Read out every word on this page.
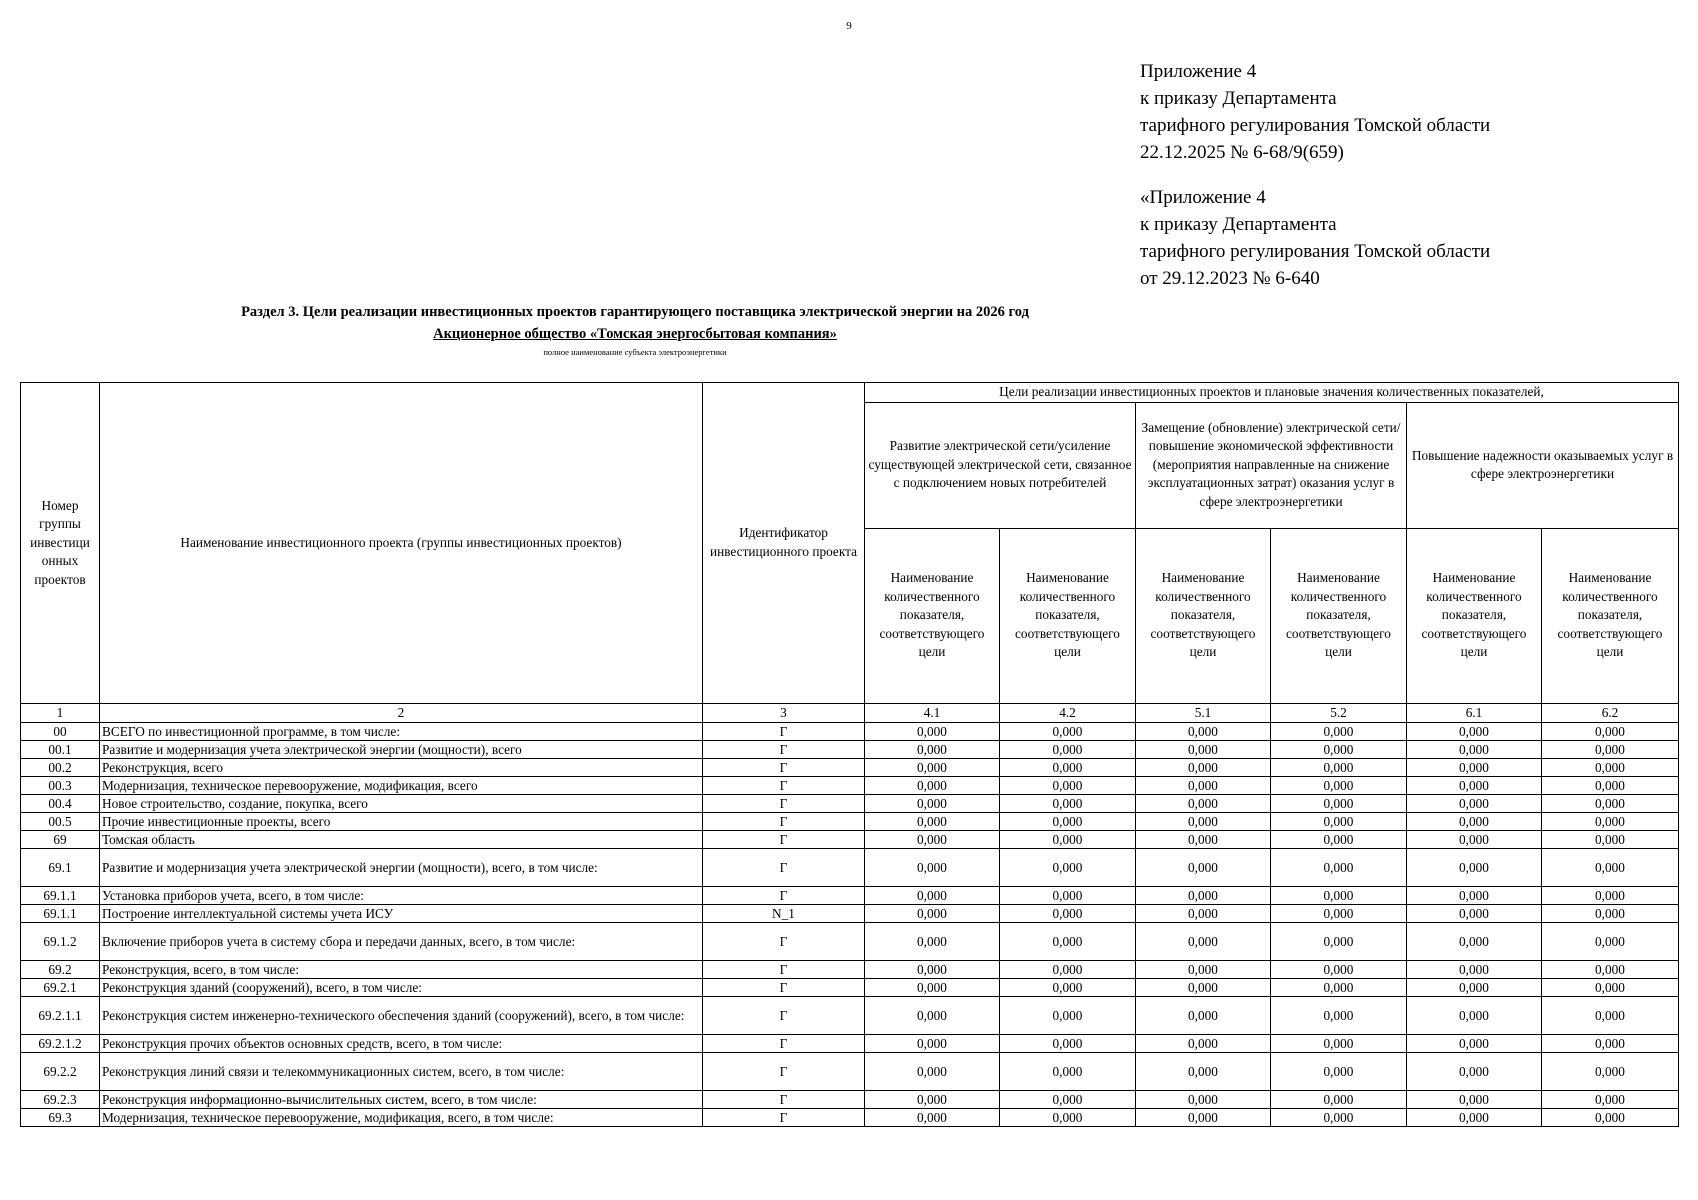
9
Приложение 4
к приказу Департамента
тарифного регулирования Томской области
22.12.2025 № 6-68/9(659)
«Приложение 4
к приказу Департамента
тарифного регулирования Томской области
от 29.12.2023 № 6-640
Раздел 3. Цели реализации инвестиционных проектов гарантирующего поставщика электрической энергии на 2026 год
Акционерное общество «Томская энергосбытовая компания»
полное наименование субъекта электроэнергетики
Номер группы инвестици онных проектов	Наименование инвестиционного проекта (группы инвестиционных проектов)	Идентификатор инвестиционного проекта	Цели реализации инвестиционных проектов и плановые значения количественных показателей,					
			Развитие электрической сети/усиление существующей электрической сети, связанное с подключением новых потребителей		Замещение (обновление) электрической сети/повышение экономической эффективности (мероприятия направленные на снижение эксплуатационных затрат) оказания услуг в сфере электроэнергетики		Повышение надежности оказываемых услуг в сфере электроэнергетики	
			Наименование количественного показателя, соответствующего цели	Наименование количественного показателя, соответствующего цели	Наименование количественного показателя, соответствующего цели	Наименование количественного показателя, соответствующего цели	Наименование количественного показателя, соответствующего цели	Наименование количественного показателя, соответствующего цели
1	2	3	4.1	4.2	5.1	5.2	6.1	6.2
00	ВСЕГО по инвестиционной программе, в том числе:	Г	0,000	0,000	0,000	0,000	0,000	0,000
00.1	Развитие и модернизация учета электрической энергии (мощности), всего	Г	0,000	0,000	0,000	0,000	0,000	0,000
00.2	Реконструкция, всего	Г	0,000	0,000	0,000	0,000	0,000	0,000
00.3	Модернизация, техническое перевооружение, модификация, всего	Г	0,000	0,000	0,000	0,000	0,000	0,000
00.4	Новое строительство, создание, покупка, всего	Г	0,000	0,000	0,000	0,000	0,000	0,000
00.5	Прочие инвестиционные проекты, всего	Г	0,000	0,000	0,000	0,000	0,000	0,000
69	Томская область	Г	0,000	0,000	0,000	0,000	0,000	0,000
69.1	Развитие и модернизация учета электрической энергии (мощности), всего, в том числе:	Г	0,000	0,000	0,000	0,000	0,000	0,000
69.1.1	Установка приборов учета, всего, в том числе:	Г	0,000	0,000	0,000	0,000	0,000	0,000
69.1.1	Построение интеллектуальной системы учета ИСУ	N_1	0,000	0,000	0,000	0,000	0,000	0,000
69.1.2	Включение приборов учета в систему сбора и передачи данных, всего, в том числе:	Г	0,000	0,000	0,000	0,000	0,000	0,000
69.2	Реконструкция, всего, в том числе:	Г	0,000	0,000	0,000	0,000	0,000	0,000
69.2.1	Реконструкция зданий (сооружений), всего, в том числе:	Г	0,000	0,000	0,000	0,000	0,000	0,000
69.2.1.1	Реконструкция систем инженерно-технического обеспечения зданий (сооружений), всего, в том числе:	Г	0,000	0,000	0,000	0,000	0,000	0,000
69.2.1.2	Реконструкция прочих объектов основных средств, всего, в том числе:	Г	0,000	0,000	0,000	0,000	0,000	0,000
69.2.2	Реконструкция линий связи и телекоммуникационных систем, всего, в том числе:	Г	0,000	0,000	0,000	0,000	0,000	0,000
69.2.3	Реконструкция информационно-вычислительных систем, всего, в том числе:	Г	0,000	0,000	0,000	0,000	0,000	0,000
69.3	Модернизация, техническое перевооружение, модификация, всего, в том числе:	Г	0,000	0,000	0,000	0,000	0,000	0,000
